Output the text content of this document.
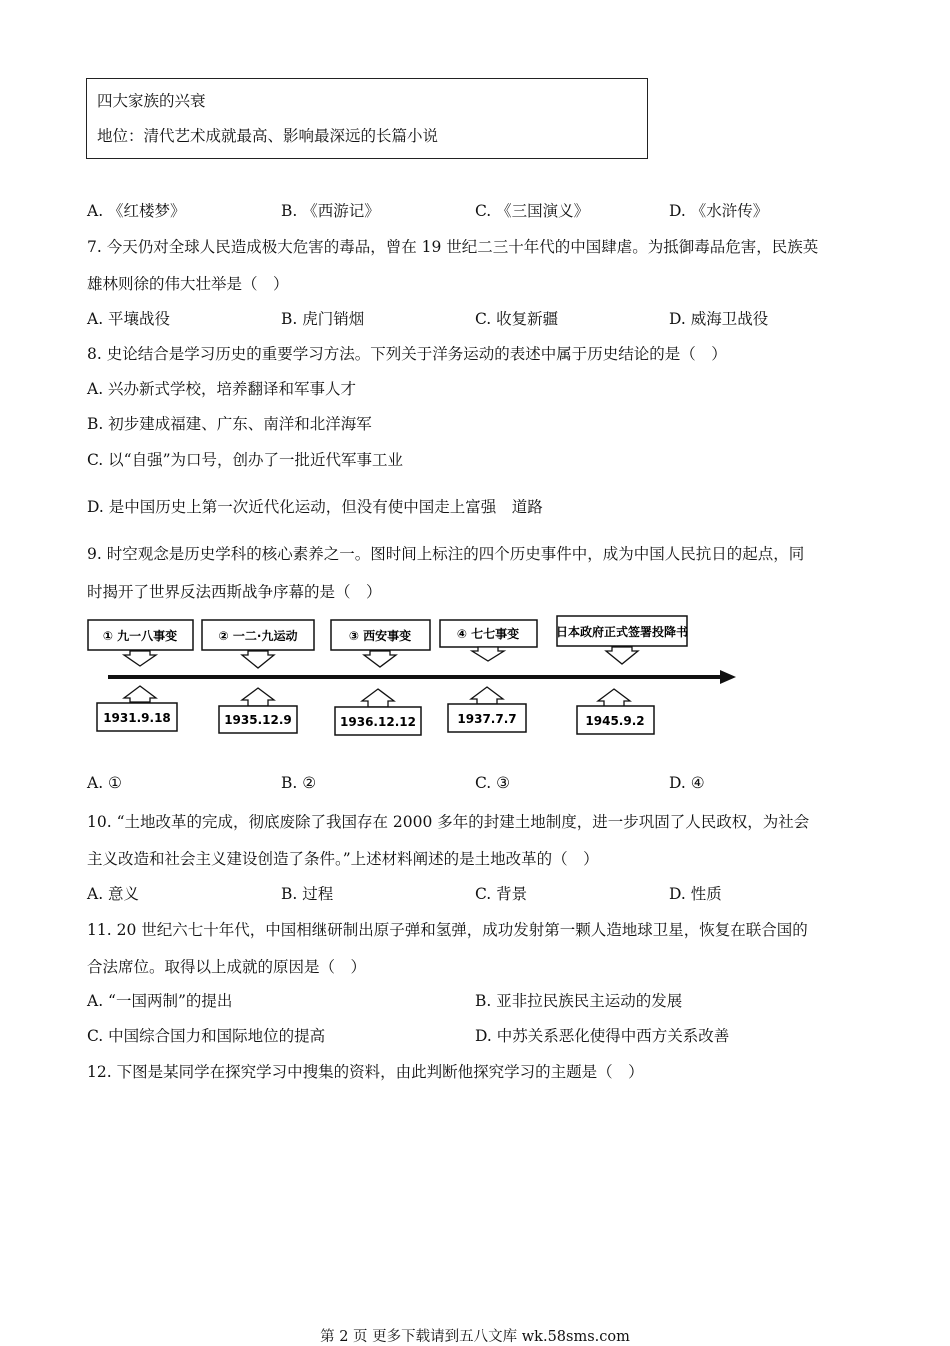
四大家族的兴衰
地位：清代艺术成就最高、影响最深远的长篇小说
A. 《红楼梦》	B. 《西游记》	C. 《三国演义》	D. 《水浒传》
7. 今天仍对全球人民造成极大危害的毒品，曾在 19 世纪二三十年代的中国肆虐。为抵御毒品危害，民族英
雄林则徐的伟大壮举是（　）
A. 平壤战役	B. 虎门销烟	C. 收复新疆	D. 威海卫战役
8. 史论结合是学习历史的重要学习方法。下列关于洋务运动的表述中属于历史结论的是（　）
A. 兴办新式学校，培养翻译和军事人才
B. 初步建成福建、广东、南洋和北洋海军
C. 以“自强”为口号，创办了一批近代军事工业
D. 是中国历史上第一次近代化运动，但没有使中国走上富强　道路
9. 时空观念是历史学科的核心素养之一。图时间上标注的四个历史事件中，成为中国人民抗日的起点，同
时揭开了世界反法西斯战争序幕的是（　）
① 九一八事变	② 一二·九运动	③ 西安事变	④ 七七事变	日本政府正式签署投降书
1931.9.18	1935.12.9	1936.12.12	1937.7.7	1945.9.2
A. ①	B. ②	C. ③	D. ④
10. “土地改革的完成，彻底废除了我国存在 2000 多年的封建土地制度，进一步巩固了人民政权，为社会
主义改造和社会主义建设创造了条件。”上述材料阐述的是土地改革的（　）
A. 意义	B. 过程	C. 背景	D. 性质
11. 20 世纪六七十年代，中国相继研制出原子弹和氢弹，成功发射第一颗人造地球卫星，恢复在联合国的
合法席位。取得以上成就的原因是（　）
A. “一国两制”的提出	B. 亚非拉民族民主运动的发展
C. 中国综合国力和国际地位的提高	D. 中苏关系恶化使得中西方关系改善
12. 下图是某同学在探究学习中搜集的资料，由此判断他探究学习的主题是（　）
第 2 页 更多下载请到五八文库 wk.58sms.com
